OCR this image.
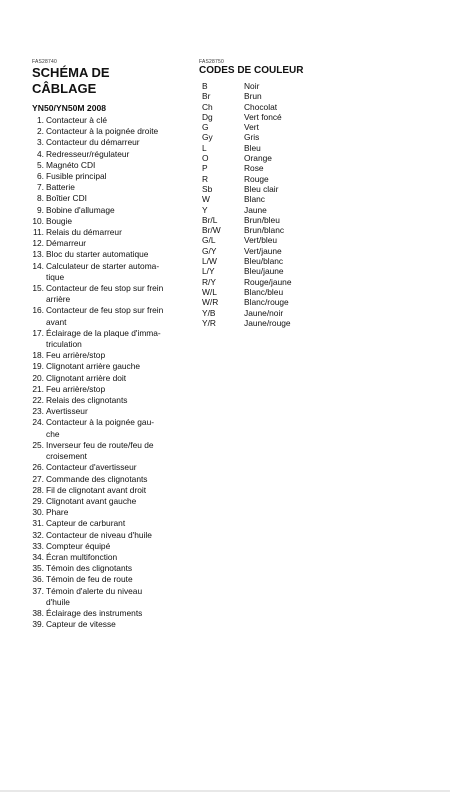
FAS28740
SCHÉMA DE
CÂBLAGE
YN50/YN50M 2008
1. Contacteur à clé
2. Contacteur à la poignée droite
3. Contacteur du démarreur
4. Redresseur/régulateur
5. Magnéto CDI
6. Fusible principal
7. Batterie
8. Boîtier CDI
9. Bobine d'allumage
10. Bougie
11. Relais du démarreur
12. Démarreur
13. Bloc du starter automatique
14. Calculateur de starter automa-
tique
15. Contacteur de feu stop sur frein
arrière
16. Contacteur de feu stop sur frein
avant
17. Éclairage de la plaque d'imma-
triculation
18. Feu arrière/stop
19. Clignotant arrière gauche
20. Clignotant arrière doit
21. Feu arrière/stop
22. Relais des clignotants
23. Avertisseur
24. Contacteur à la poignée gau-
che
25. Inverseur feu de route/feu de
croisement
26. Contacteur d'avertisseur
27. Commande des clignotants
28. Fil de clignotant avant droit
29. Clignotant avant gauche
30. Phare
31. Capteur de carburant
32. Contacteur de niveau d'huile
33. Compteur équipé
34. Écran multifonction
35. Témoin des clignotants
36. Témoin de feu de route
37. Témoin d'alerte du niveau
d'huile
38. Éclairage des instruments
39. Capteur de vitesse
FAS28750
CODES DE COULEUR
B	Noir
Br	Brun
Ch	Chocolat
Dg	Vert foncé
G	Vert
Gy	Gris
L	Bleu
O	Orange
P	Rose
R	Rouge
Sb	Bleu clair
W	Blanc
Y	Jaune
Br/L	Brun/bleu
Br/W	Brun/blanc
G/L	Vert/bleu
G/Y	Vert/jaune
L/W	Bleu/blanc
L/Y	Bleu/jaune
R/Y	Rouge/jaune
W/L	Blanc/bleu
W/R	Blanc/rouge
Y/B	Jaune/noir
Y/R	Jaune/rouge
